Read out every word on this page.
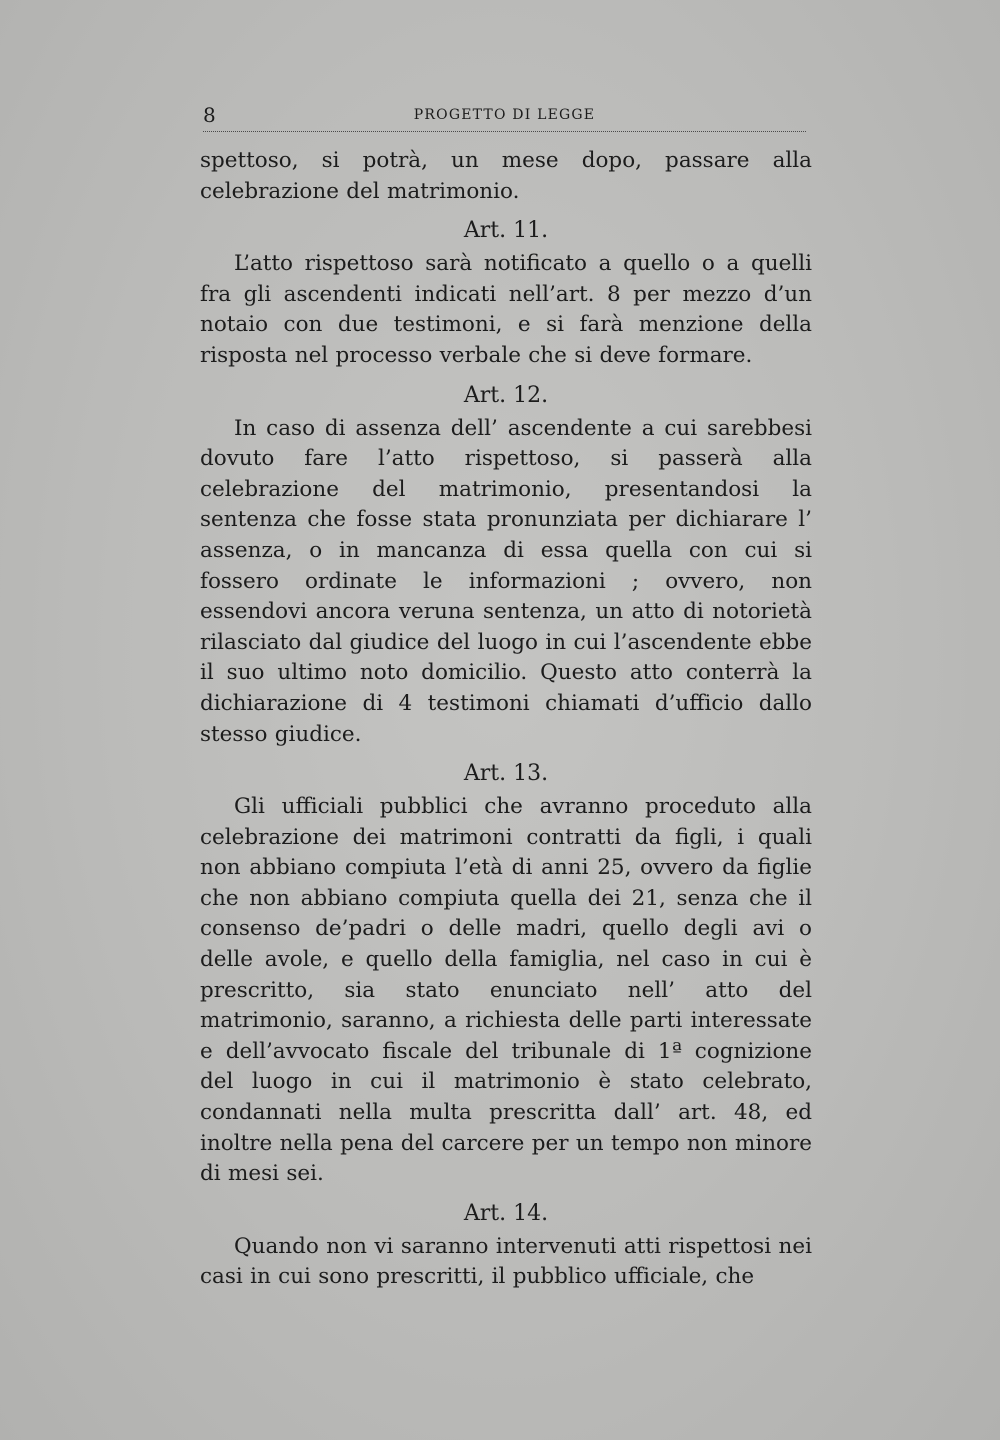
8	PROGETTO DI LEGGE

spettoso, si potrà, un mese dopo, passare alla celebrazione del matrimonio.

Art. 11.

L’atto rispettoso sarà notificato a quello o a quelli fra gli ascendenti indicati nell’art. 8 per mezzo d’un notaio con due testimoni, e si farà menzione della risposta nel processo verbale che si deve formare.

Art. 12.

In caso di assenza dell’ ascendente a cui sarebbesi dovuto fare l’atto rispettoso, si passerà alla celebrazione del matrimonio, presentandosi la sentenza che fosse stata pronunziata per dichiarare l’ assenza, o in mancanza di essa quella con cui si fossero ordinate le informazioni ; ovvero, non essendovi ancora veruna sentenza, un atto di notorietà rilasciato dal giudice del luogo in cui l’ascendente ebbe il suo ultimo noto domicilio. Questo atto conterrà la dichiarazione di 4 testimoni chiamati d’ufficio dallo stesso giudice.

Art. 13.

Gli ufficiali pubblici che avranno proceduto alla celebrazione dei matrimoni contratti da figli, i quali non abbiano compiuta l’età di anni 25, ovvero da figlie che non abbiano compiuta quella dei 21, senza che il consenso de’padri o delle madri, quello degli avi o delle avole, e quello della famiglia, nel caso in cui è prescritto, sia stato enunciato nell’ atto del matrimonio, saranno, a richiesta delle parti interessate e dell’avvocato fiscale del tribunale di 1ª cognizione del luogo in cui il matrimonio è stato celebrato, condannati nella multa prescritta dall’ art. 48, ed inoltre nella pena del carcere per un tempo non minore di mesi sei.

Art. 14.

Quando non vi saranno intervenuti atti rispettosi nei casi in cui sono prescritti, il pubblico ufficiale, che
